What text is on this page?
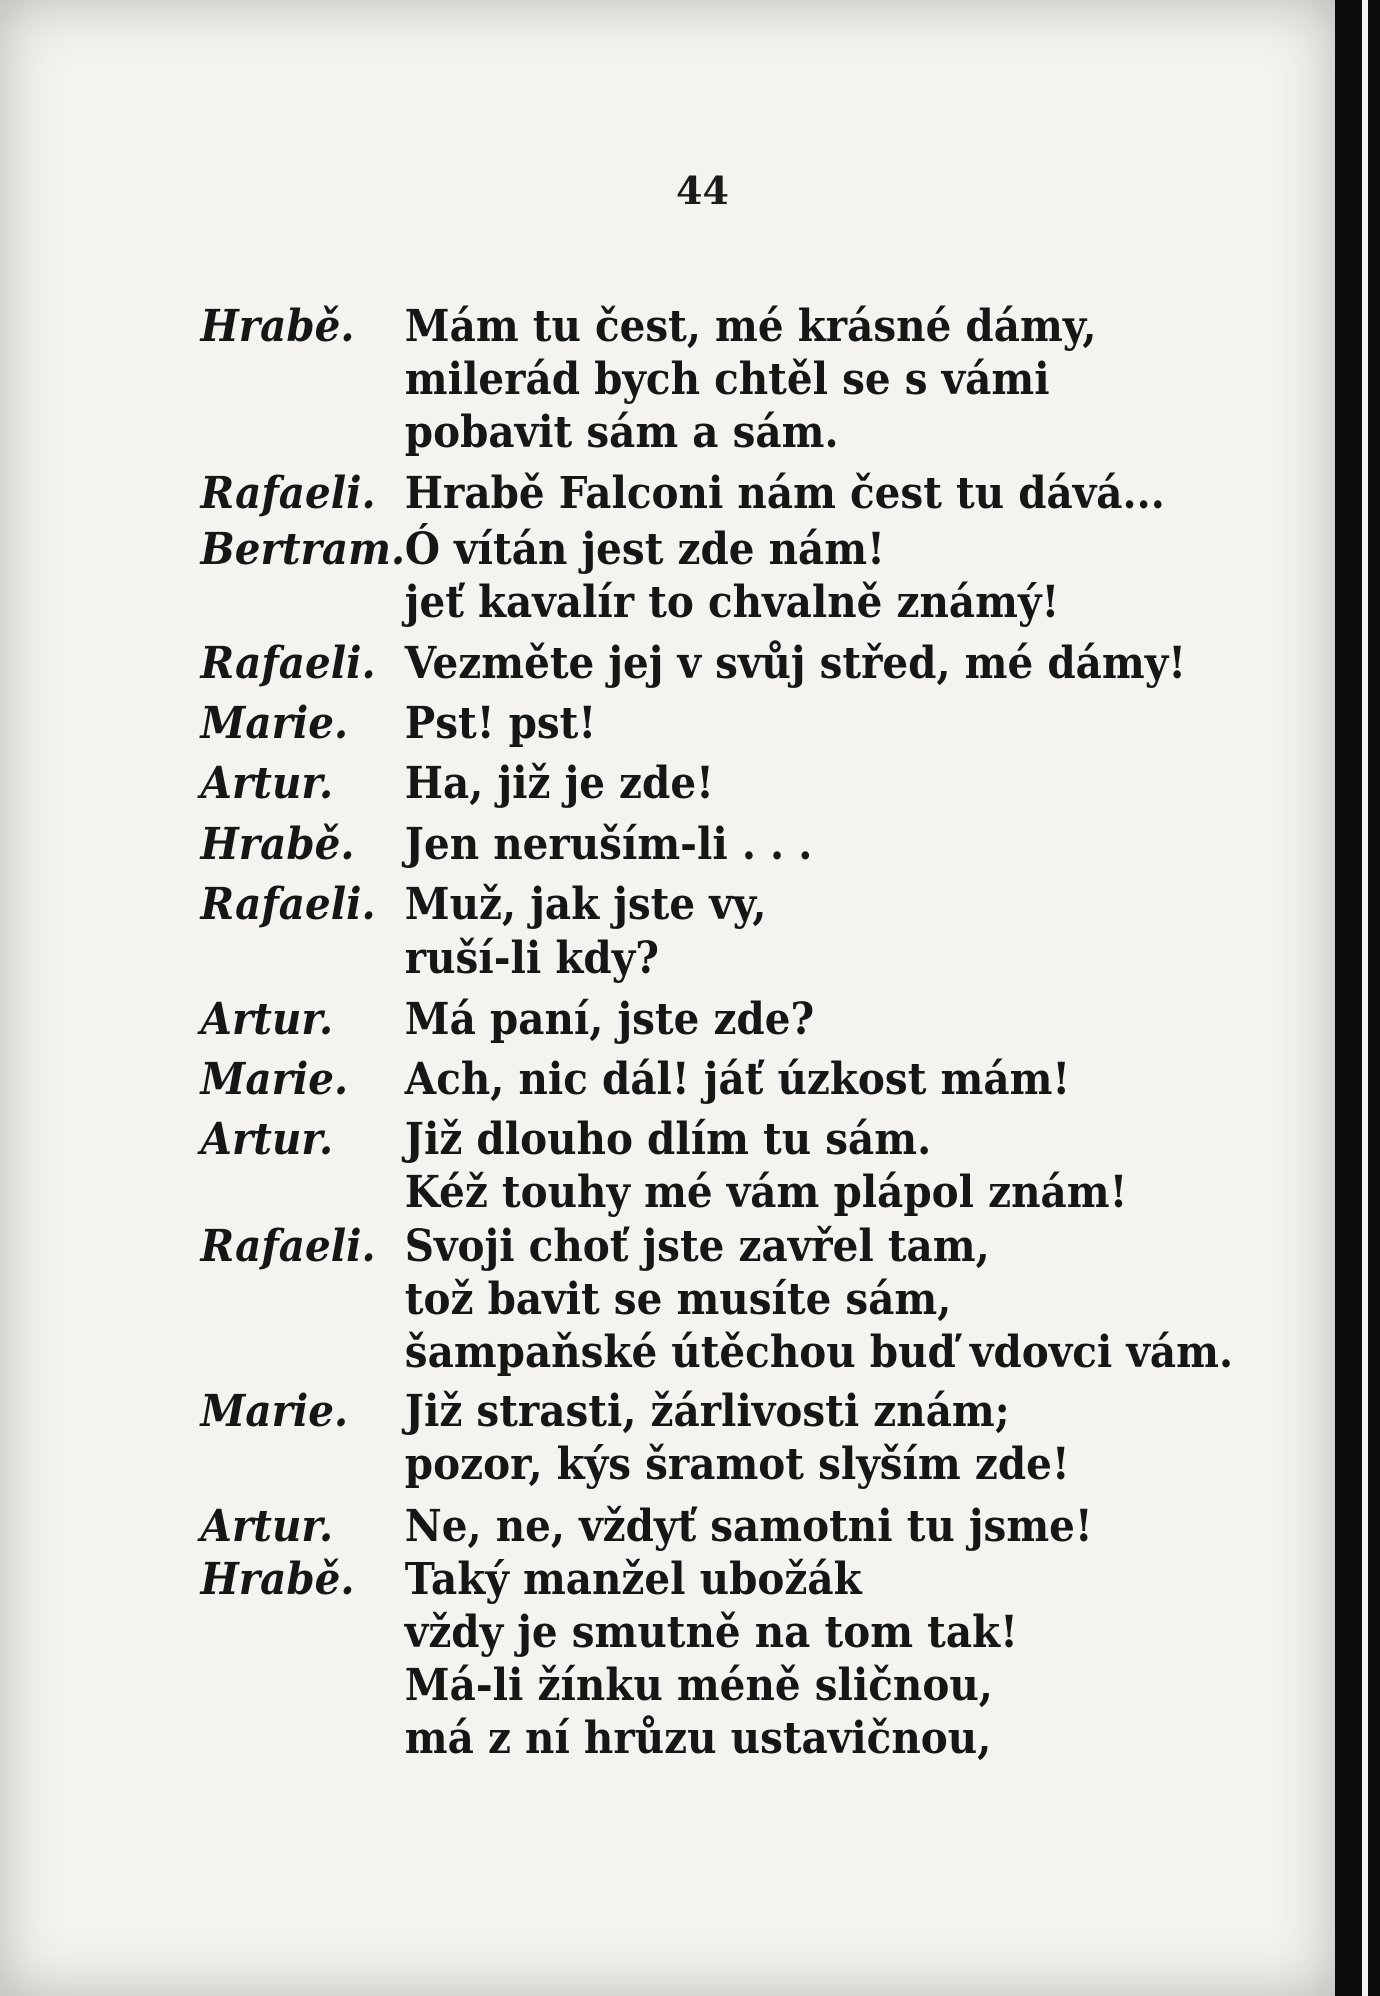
44
Hrabě. Mám tu čest, mé krásné dámy,
milerád bych chtěl se s vámi
pobavit sám a sám.
Rafaeli. Hrabě Falconi nám čest tu dává...
Bertram. Ó vítán jest zde nám!
jeť kavalír to chvalně známý!
Rafaeli. Vezměte jej v svůj střed, mé dámy!
Marie. Pst! pst!
Artur. Ha, již je zde!
Hrabě. Jen neruším-li . . .
Rafaeli. Muž, jak jste vy,
ruší-li kdy?
Artur. Má paní, jste zde?
Marie. Ach, nic dál! jáť úzkost mám!
Artur. Již dlouho dlím tu sám.
Kéž touhy mé vám plápol znám!
Rafaeli. Svoji choť jste zavřel tam,
tož bavit se musíte sám,
šampaňské útěchou buď vdovci vám.
Marie. Již strasti, žárlivosti znám;
pozor, kýs šramot slyším zde!
Artur. Ne, ne, vždyť samotni tu jsme!
Hrabě. Taký manžel ubožák
vždy je smutně na tom tak!
Má-li žínku méně sličnou,
má z ní hrůzu ustavičnou,
